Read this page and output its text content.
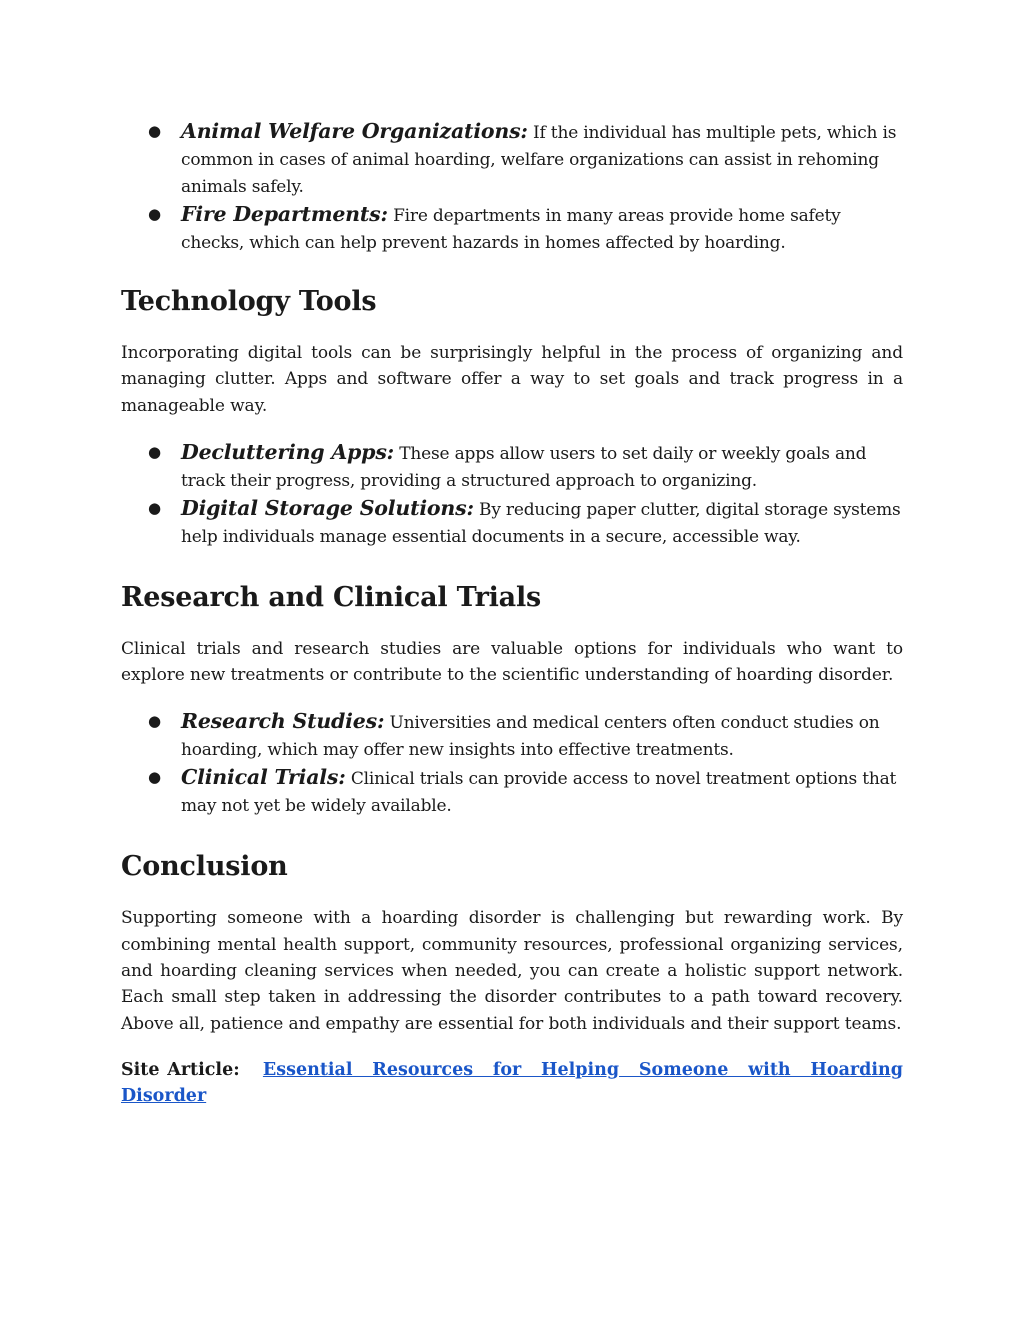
● Animal Welfare Organizations: If the individual has multiple pets, which is common in cases of animal hoarding, welfare organizations can assist in rehoming animals safely.
● Fire Departments: Fire departments in many areas provide home safety checks, which can help prevent hazards in homes affected by hoarding.
Technology Tools

Incorporating digital tools can be surprisingly helpful in the process of organizing and managing clutter. Apps and software offer a way to set goals and track progress in a manageable way.

● Decluttering Apps: These apps allow users to set daily or weekly goals and track their progress, providing a structured approach to organizing.
● Digital Storage Solutions: By reducing paper clutter, digital storage systems help individuals manage essential documents in a secure, accessible way.
Research and Clinical Trials

Clinical trials and research studies are valuable options for individuals who want to explore new treatments or contribute to the scientific understanding of hoarding disorder.

● Research Studies: Universities and medical centers often conduct studies on hoarding, which may offer new insights into effective treatments.
● Clinical Trials: Clinical trials can provide access to novel treatment options that may not yet be widely available.
Conclusion

Supporting someone with a hoarding disorder is challenging but rewarding work. By combining mental health support, community resources, professional organizing services, and hoarding cleaning services when needed, you can create a holistic support network. Each small step taken in addressing the disorder contributes to a path toward recovery. Above all, patience and empathy are essential for both individuals and their support teams.

Site Article: Essential Resources for Helping Someone with Hoarding Disorder
